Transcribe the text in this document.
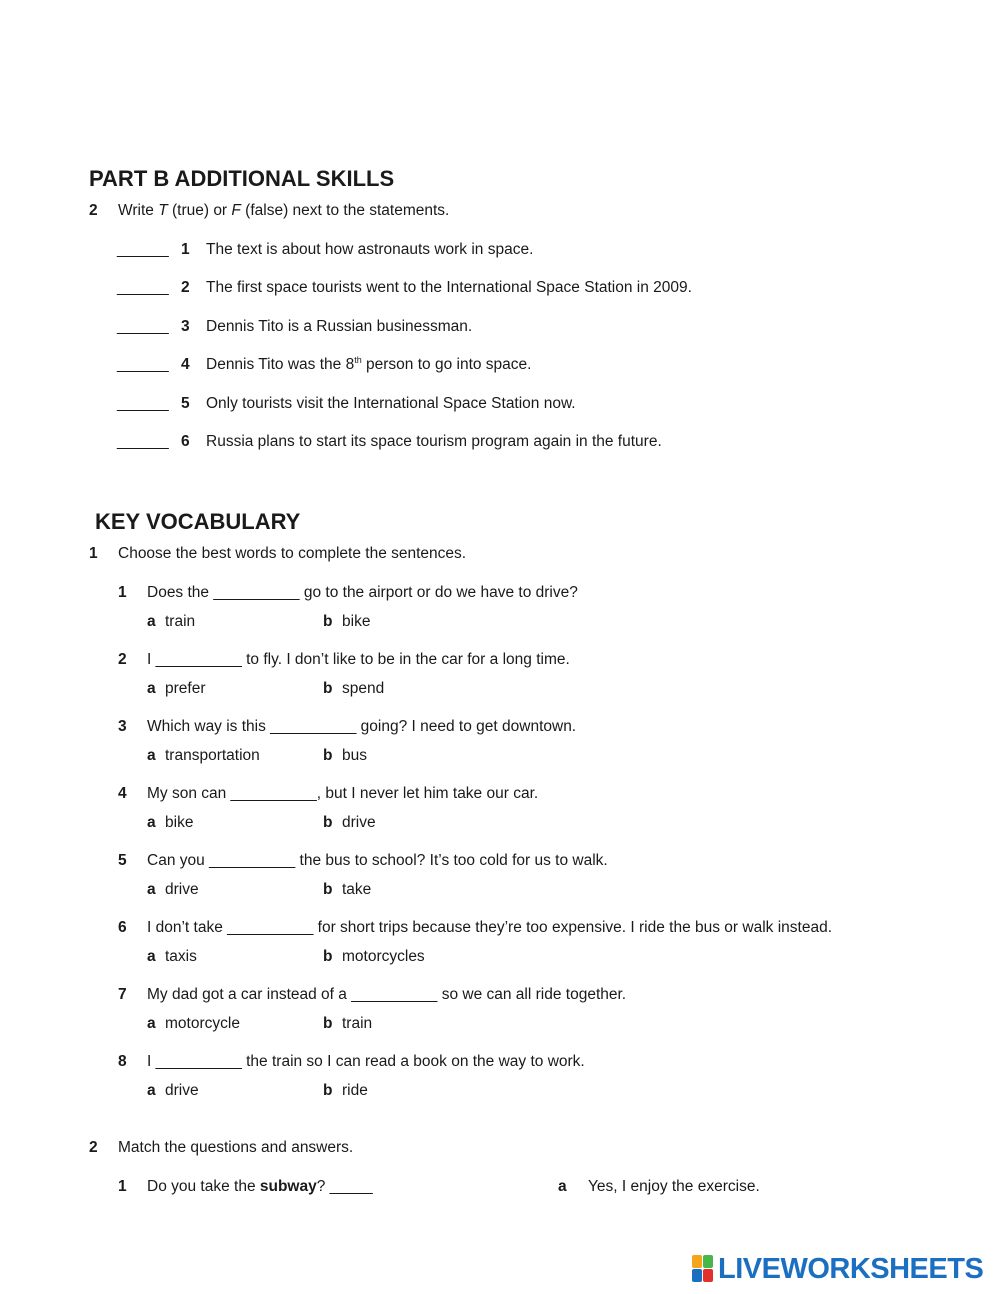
PART B ADDITIONAL SKILLS
2 Write T (true) or F (false) next to the statements.
______ 1 The text is about how astronauts work in space.
______ 2 The first space tourists went to the International Space Station in 2009.
______ 3 Dennis Tito is a Russian businessman.
______ 4 Dennis Tito was the 8th person to go into space.
______ 5 Only tourists visit the International Space Station now.
______ 6 Russia plans to start its space tourism program again in the future.
KEY VOCABULARY
1 Choose the best words to complete the sentences.
1 Does the __________ go to the airport or do we have to drive?
a train	b bike
2 I __________ to fly. I don’t like to be in the car for a long time.
a prefer	b spend
3 Which way is this __________ going? I need to get downtown.
a transportation	b bus
4 My son can __________, but I never let him take our car.
a bike	b drive
5 Can you __________ the bus to school? It’s too cold for us to walk.
a drive	b take
6 I don’t take __________ for short trips because they’re too expensive. I ride the bus or walk instead.
a taxis	b motorcycles
7 My dad got a car instead of a __________ so we can all ride together.
a motorcycle	b train
8 I __________ the train so I can read a book on the way to work.
a drive	b ride
2 Match the questions and answers.
1 Do you take the subway? _____	a Yes, I enjoy the exercise.
LIVEWORKSHEETS
